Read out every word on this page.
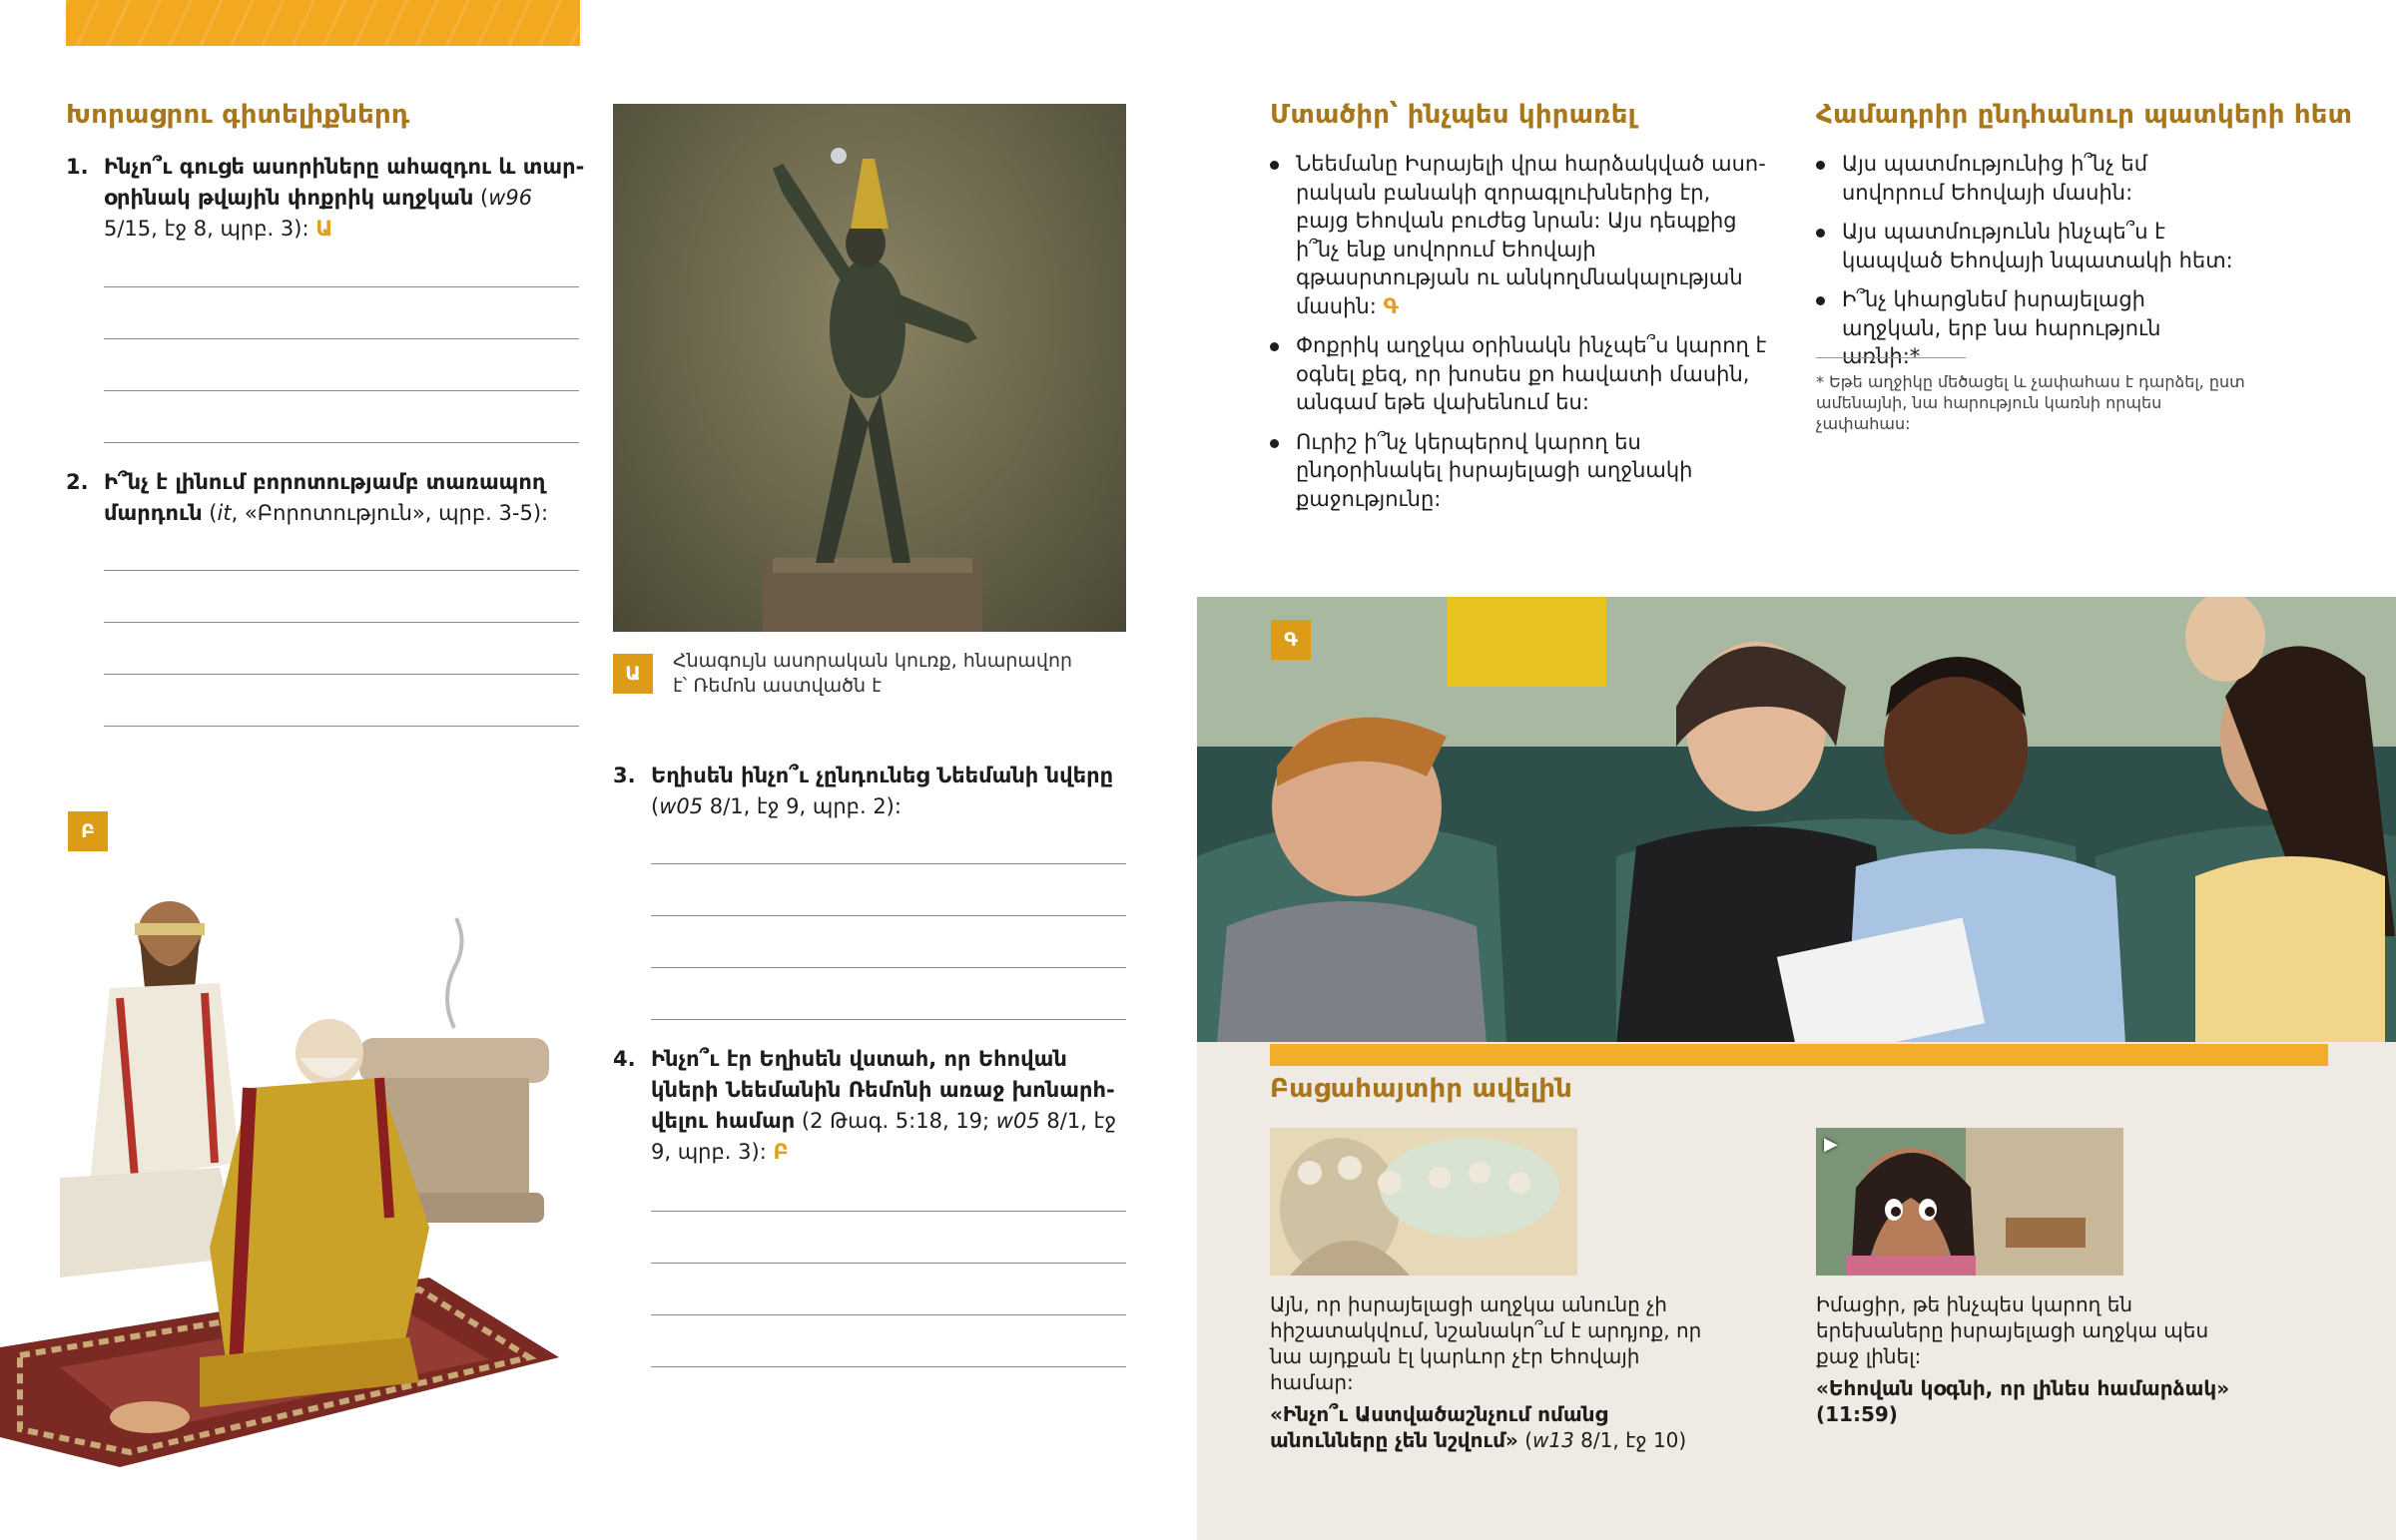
Խորացրու գիտելիքներդ
1. Ինչո՞ւ գուցե ասորիները ահազդու և տարօրինակ թվային փոքրիկ աղջկան (w96 5/15, էջ 8, պրբ. 3): Ա
2. Ի՞նչ է լինում բորոտությամբ տառապող մարդուն (it, «Բորոտություն», պրբ. 3-5):
Բ
Ա
Հնագույն ասորական կուռք, հնարավոր է՝ Ռեմոն աստվածն է
3. Եղիսեն ինչո՞ւ չընդունեց Նեեմանի նվերը (w05 8/1, էջ 9, պրբ. 2):
4. Ինչո՞ւ էր Եղիսեն վստահ, որ Եհովան կների Նեեմանին Ռեմոնի առաջ խոնարհվելու համար (2 Թագ. 5:18, 19; w05 8/1, էջ 9, պրբ. 3): Բ
Մտածիր՝ ինչպես կիրառել
Նեեմանը Իսրայելի վրա հարձակված ասորական բանակի զորագլուխներից էր, բայց Եհովան բուժեց նրան: Այս դեպքից ի՞նչ ենք սովորում Եհովայի գթասրտության ու անկողմնակալության մասին: Գ
Փոքրիկ աղջկա օրինակն ինչպե՞ս կարող է օգնել քեզ, որ խոսես քո հավատի մասին, անգամ եթե վախենում ես:
Ուրիշ ի՞նչ կերպերով կարող ես ընդօրինակել իսրայելացի աղջնակի քաջությունը:
Համադրիր ընդհանուր պատկերի հետ
Այս պատմությունից ի՞նչ եմ սովորում Եհովայի մասին:
Այս պատմությունն ինչպե՞ս է կապված Եհովայի նպատակի հետ:
Ի՞նչ կհարցնեմ իսրայելացի աղջկան, երբ նա հարություն առնի:*
* Եթե աղջիկը մեծացել և չափահաս է դարձել, ըստ ամենայնի, նա հարություն կառնի որպես չափահաս:
Գ
Բացահայտիր ավելին
Այն, որ իսրայելացի աղջկա անունը չի հիշատակվում, նշանակո՞ւմ է արդյոք, որ նա այդքան էլ կարևոր չէր Եհովայի համար:
«Ինչո՞ւ Աստվածաշնչում ոմանց անունները չեն նշվում» (w13 8/1, էջ 10)
▶
Իմացիր, թե ինչպես կարող են երեխաները իսրայելացի աղջկա պես քաջ լինել:
«Եհովան կօգնի, որ լինես համարձակ»
(11:59)
